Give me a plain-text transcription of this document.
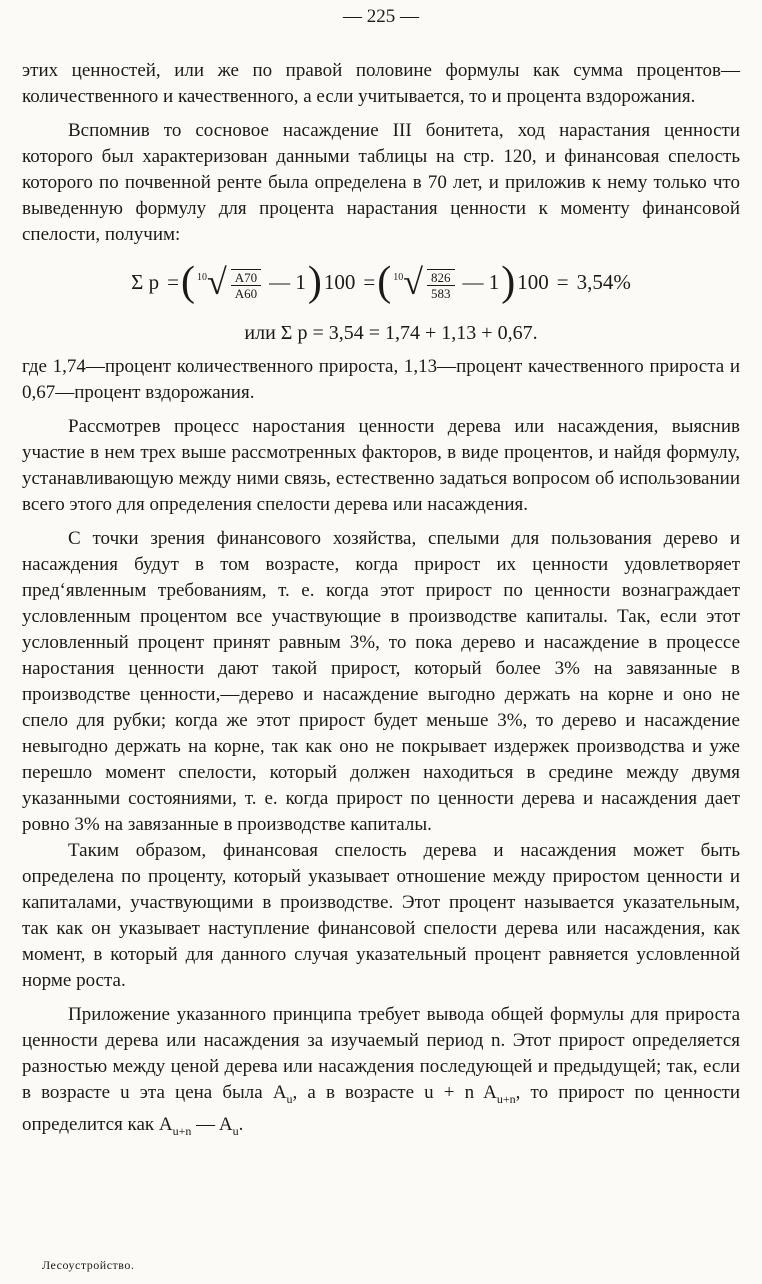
— 225 —

этих ценностей, или же по правой половине формулы как сумма процентов—количественного и качественного, а если учитывается, то и процента вздорожания.

Вспомнив то сосновое насаждение III бонитета, ход нарастания ценности которого был характеризован данными таблицы на стр. 120, и финансовая спелость которого по почвенной ренте была определена в 70 лет, и приложив к нему только что выведенную формулу для процента нарастания ценности к моменту финансовой спелости, получим:

Σ p = ( 10 √ $\frac{A70}{A60}$ — 1 ) 100 = ( 10 √ $\frac{826}{583}$ — 1 ) 100 = 3,54%
или Σ p = 3,54 = 1,74 + 1,13 + 0,67.

где 1,74—процент количественного прироста, 1,13—процент качественного прироста и 0,67—процент вздорожания.

Рассмотрев процесс наростания ценности дерева или насаждения, выяснив участие в нем трех выше рассмотренных факторов, в виде процентов, и найдя формулу, устанавливающую между ними связь, естественно задаться вопросом об использовании всего этого для определения спелости дерева или насаждения.

С точки зрения финансового хозяйства, спелыми для пользования дерево и насаждения будут в том возрасте, когда прирост их ценности удовлетворяет пред‘явленным требованиям, т. е. когда этот прирост по ценности вознаграждает условленным процентом все участвующие в производстве капиталы. Так, если этот условленный процент принят равным 3%, то пока дерево и насаждение в процессе наростания ценности дают такой прирост, который более 3% на завязанные в производстве ценности,—дерево и насаждение выгодно держать на корне и оно не спело для рубки; когда же этот прирост будет меньше 3%, то дерево и насаждение невыгодно держать на корне, так как оно не покрывает издержек производства и уже перешло момент спелости, который должен находиться в средине между двумя указанными состояниями, т. е. когда прирост по ценности дерева и насаждения дает ровно 3% на завязанные в производстве капиталы.

Таким образом, финансовая спелость дерева и насаждения может быть определена по проценту, который указывает отношение между приростом ценности и капиталами, участвующими в производстве. Этот процент называется указательным, так как он указывает наступление финансовой спелости дерева или насаждения, как момент, в который для данного случая указательный процент равняется условленной норме роста.

Приложение указанного принципа требует вывода общей формулы для прироста ценности дерева или насаждения за изучаемый период n. Этот прирост определяется разностью между ценой дерева или насаждения последующей и предыдущей; так, если в возрасте u эта цена была $A_u$, а в возрасте u + n $A_{u+n}$, то прирост по ценности определится как $A_{u+n}$ — $A_u$.

Лесоустройство.
